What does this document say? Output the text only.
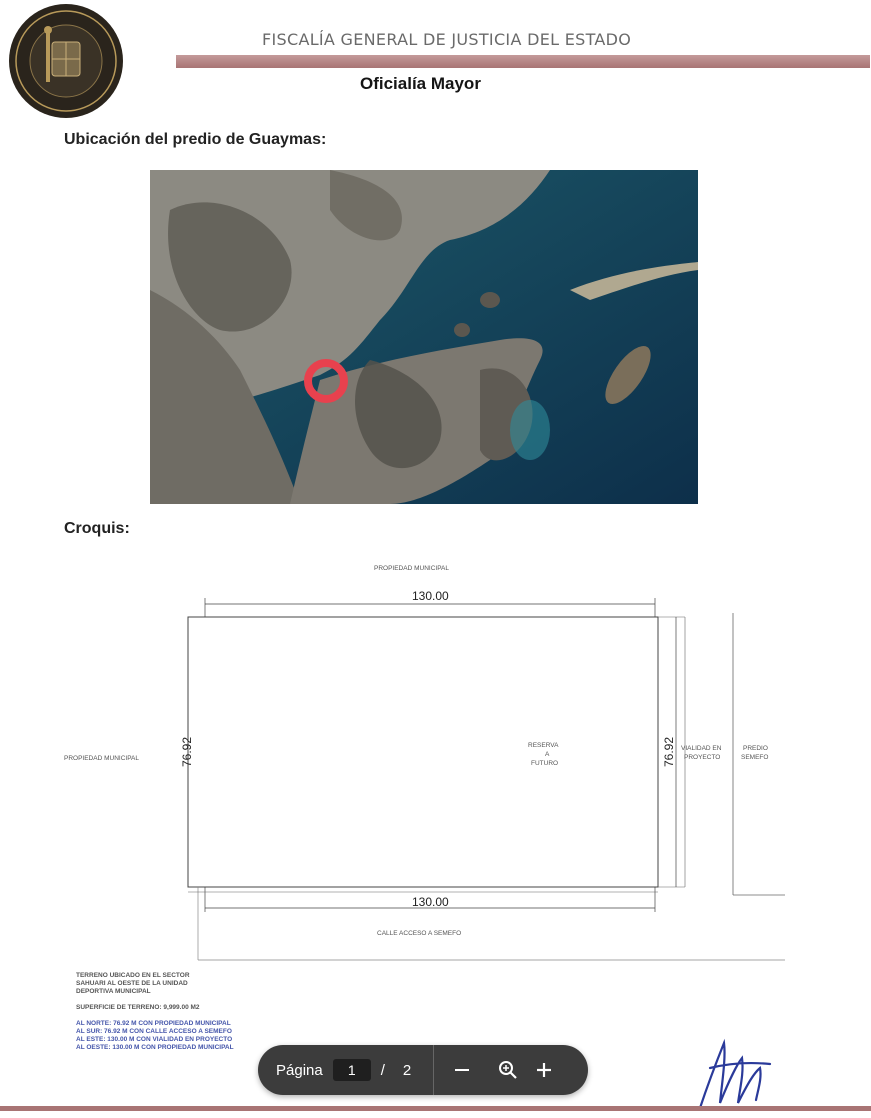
FISCALÍA GENERAL DE JUSTICIA DEL ESTADO
Oficialía Mayor
Ubicación del predio de Guaymas:
Croquis:
PROPIEDAD MUNICIPAL
PROPIEDAD MUNICIPAL
CALLE ACCESO A SEMEFO
VIALIDAD EN
PROYECTO
PREDIO
SEMEFO
RESERVA
A
FUTURO
130.00
130.00
76.92	76.92
TERRENO UBICADO EN EL SECTOR
SAHUARI AL OESTE DE LA UNIDAD
DEPORTIVA MUNICIPAL
SUPERFICIE DE TERRENO: 9,999.00 M2
AL NORTE: 76.92 M CON PROPIEDAD MUNICIPAL
AL SUR: 76.92 M CON CALLE ACCESO A SEMEFO
AL ESTE: 130.00 M CON VIALIDAD EN PROYECTO
AL OESTE: 130.00 M CON PROPIEDAD MUNICIPAL
Página	1	/ 2
